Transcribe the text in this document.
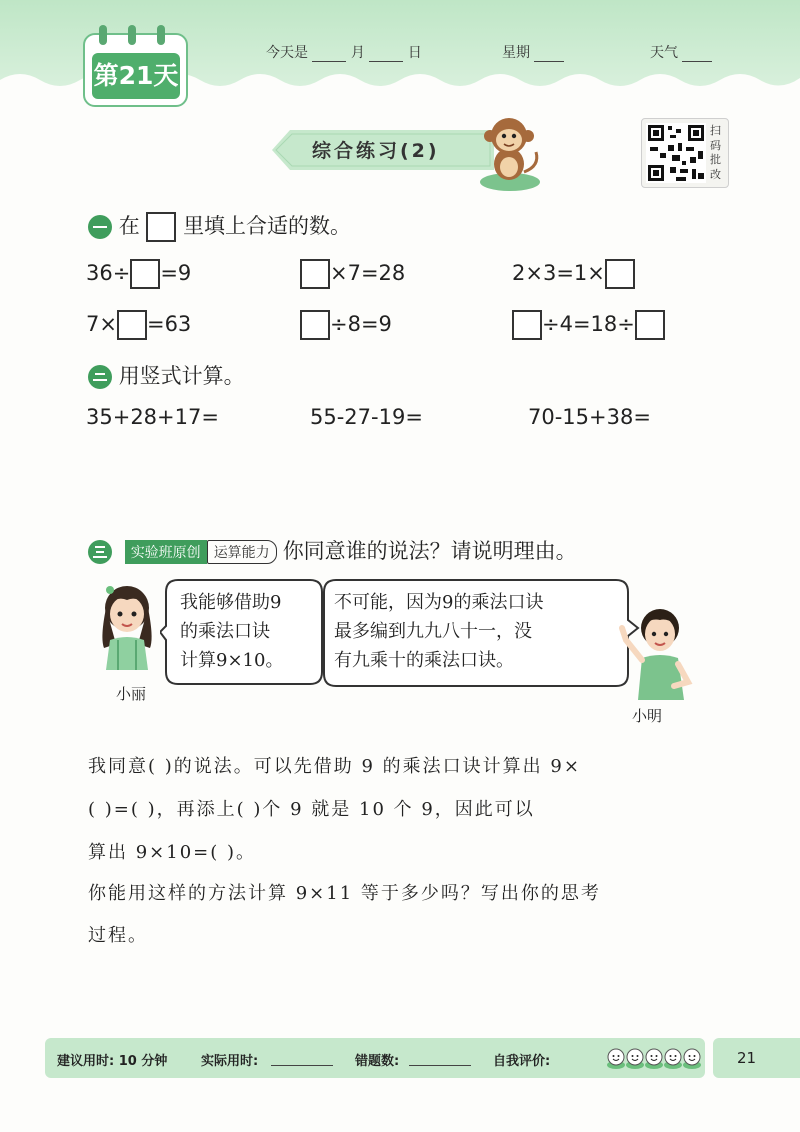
第21天
今天是	月	日	星期	天气
综合练习(2)
扫
码
批
改
在 里填上合适的数。
36÷ =9	×7=28	2×3=1×
7× =63	÷8=9	÷4=18÷
用竖式计算。
35+28+17=	55-27-19=	70-15+38=
实验班原创 运算能力 你同意谁的说法？请说明理由。
小丽
我能够借助9
的乘法口诀
计算9×10。
不可能，因为9的乘法口诀
最多编到九九八十一，没
有九乘十的乘法口诀。
小明
我同意( )的说法。可以先借助 9 的乘法口诀计算出 9×
( )=( )，再添上( )个 9 就是 10 个 9，因此可以
算出 9×10=( )。
你能用这样的方法计算 9×11 等于多少吗？写出你的思考
过程。
建议用时: 10 分钟	实际用时:	错题数:	自我评价:	21
